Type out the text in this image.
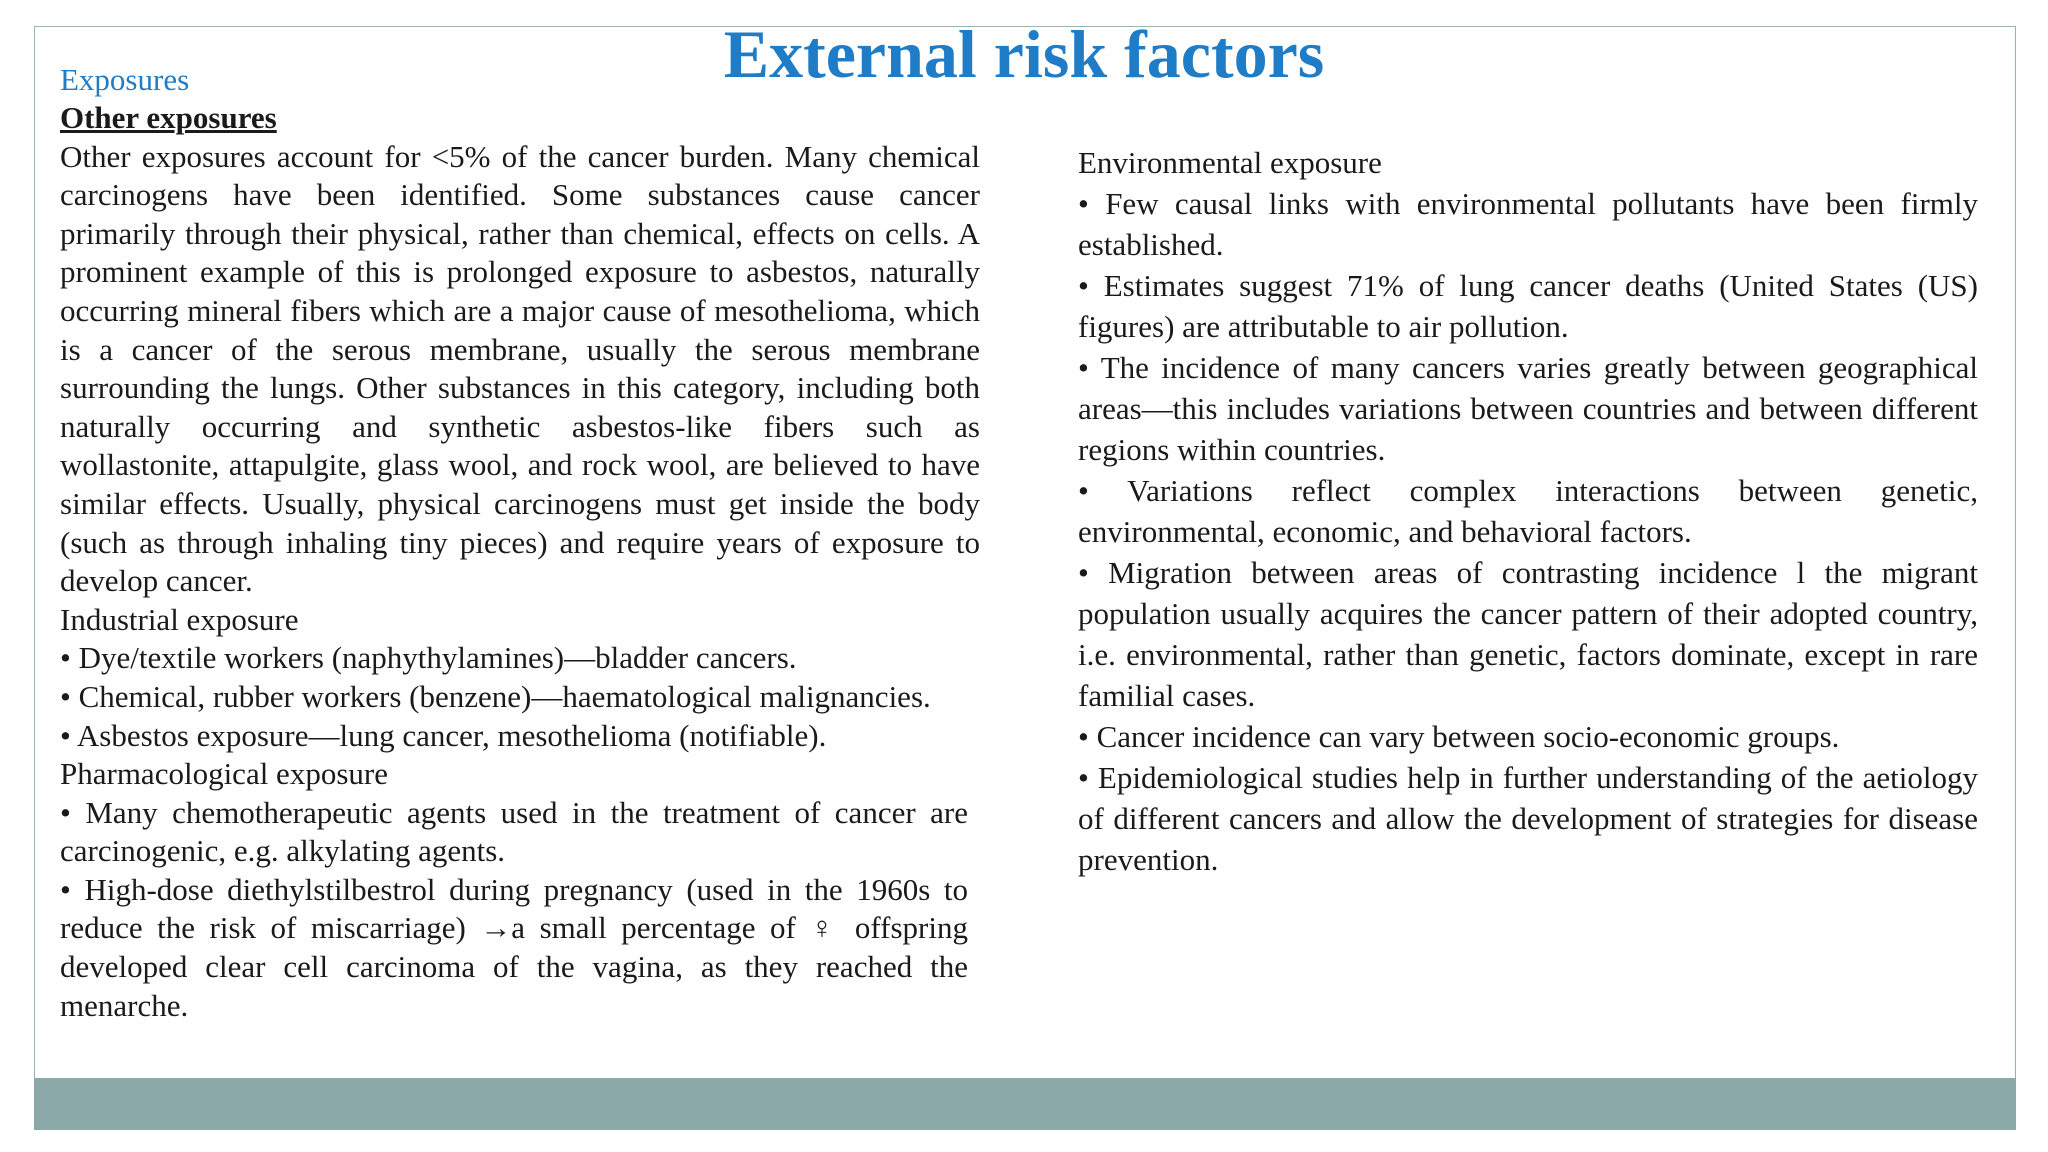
External risk factors
Exposures
Other exposures

Other exposures account for <5% of the cancer burden. Many chemical carcinogens have been identified. Some substances cause cancer primarily through their physical, rather than chemical, effects on cells. A prominent example of this is prolonged exposure to asbestos, naturally occurring mineral fibers which are a major cause of mesothelioma, which is a cancer of the serous membrane, usually the serous membrane surrounding the lungs. Other substances in this category, including both naturally occurring and synthetic asbestos-like fibers such as wollastonite, attapulgite, glass wool, and rock wool, are believed to have similar effects. Usually, physical carcinogens must get inside the body (such as through inhaling tiny pieces) and require years of exposure to develop cancer.

Industrial exposure
• Dye/textile workers (naphythylamines)—bladder cancers.
• Chemical, rubber workers (benzene)—haematological malignancies.
• Asbestos exposure—lung cancer, mesothelioma (notifiable).
Pharmacological exposure
• Many chemotherapeutic agents used in the treatment of cancer are carcinogenic, e.g. alkylating agents.
• High-dose diethylstilbestrol during pregnancy (used in the 1960s to reduce the risk of miscarriage) →a small percentage of ♀ offspring developed clear cell carcinoma of the vagina, as they reached the menarche.
Environmental exposure
• Few causal links with environmental pollutants have been firmly established.
• Estimates suggest 71% of lung cancer deaths (United States (US) figures) are attributable to air pollution.
• The incidence of many cancers varies greatly between geographical areas—this includes variations between countries and between different regions within countries.
• Variations reflect complex interactions between genetic, environmental, economic, and behavioral factors.
• Migration between areas of contrasting incidence l the migrant population usually acquires the cancer pattern of their adopted country, i.e. environmental, rather than genetic, factors dominate, except in rare familial cases.
• Cancer incidence can vary between socio-economic groups.
• Epidemiological studies help in further understanding of the aetiology of different cancers and allow the development of strategies for disease prevention.
